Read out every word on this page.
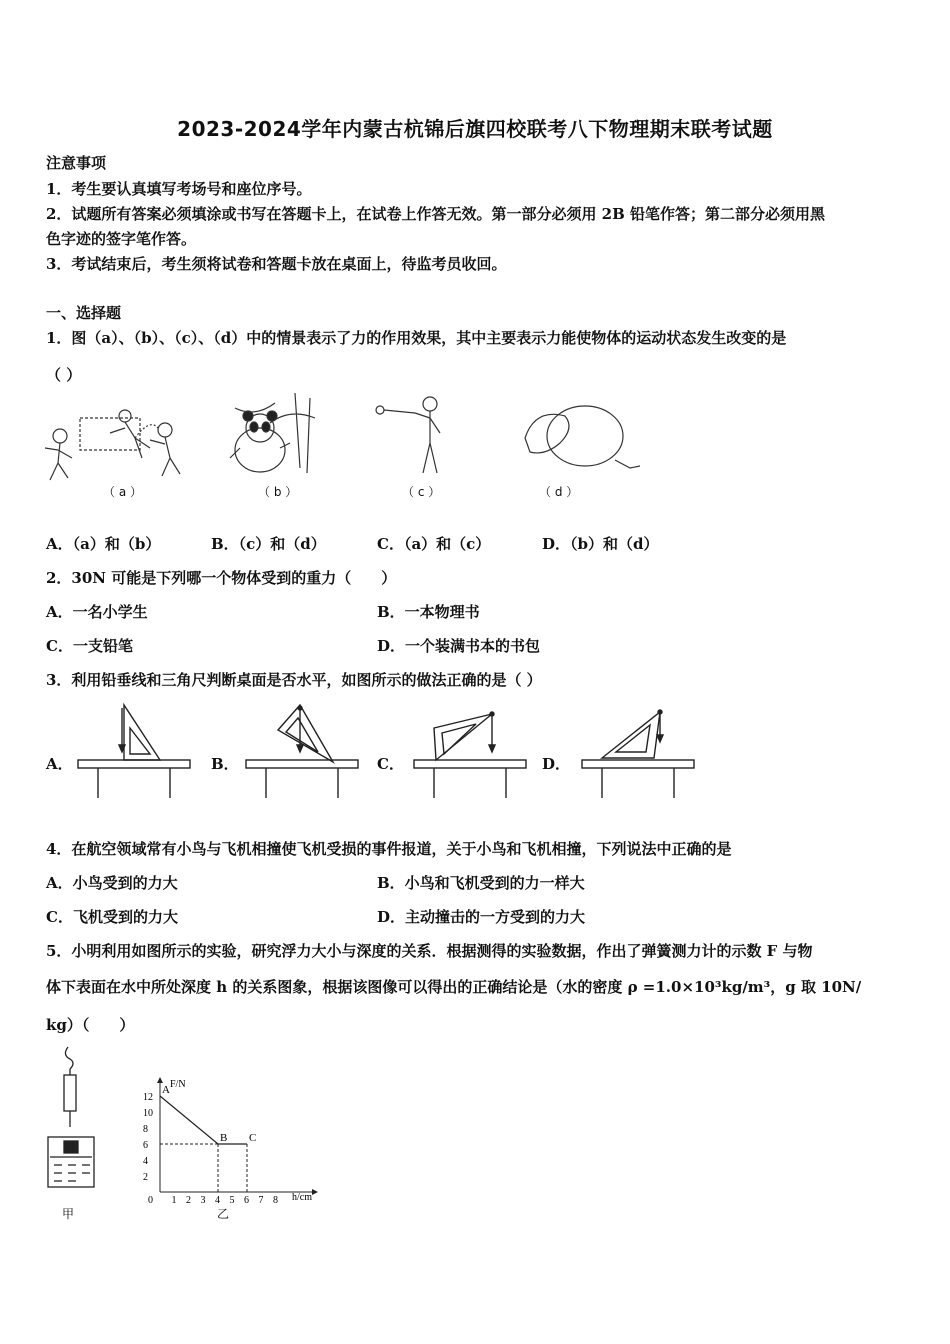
2023-2024学年内蒙古杭锦后旗四校联考八下物理期末联考试题
注意事项
1．考生要认真填写考场号和座位序号。
2．试题所有答案必须填涂或书写在答题卡上，在试卷上作答无效。第一部分必须用 2B 铅笔作答；第二部分必须用黑
色字迹的签字笔作答。
3．考试结束后，考生须将试卷和答题卡放在桌面上，待监考员收回。
一、选择题
1．图（a）、（b）、（c）、（d）中的情景表示了力的作用效果，其中主要表示力能使物体的运动状态发生改变的是
（ ）
（ a ）	（ b ）	（ c ）	（ d ）
A．（a）和（b）	B．（c）和（d）	C．（a）和（c）	D．（b）和（d）
2．30N 可能是下列哪一个物体受到的重力（　　）
A．一名小学生	B．一本物理书
C．一支铅笔	D．一个装满书本的书包
3．利用铅垂线和三角尺判断桌面是否水平，如图所示的做法正确的是（ ）
A．	B．	C．	D．
4．在航空领域常有小鸟与飞机相撞使飞机受损的事件报道，关于小鸟和飞机相撞，下列说法中正确的是
A．小鸟受到的力大	B．小鸟和飞机受到的力一样大
C．飞机受到的力大	D．主动撞击的一方受到的力大
5．小明利用如图所示的实验，研究浮力大小与深度的关系．根据测得的实验数据，作出了弹簧测力计的示数 F 与物
体下表面在水中所处深度 h 的关系图象，根据该图像可以得出的正确结论是（水的密度 ρ =1.0×10³kg/m³，g 取 10N/
kg）（　　）
甲
F/N
h/cm
0 1 2 3 4 5 6 7 8
2
4
6
8
10
12
A
B C
乙
